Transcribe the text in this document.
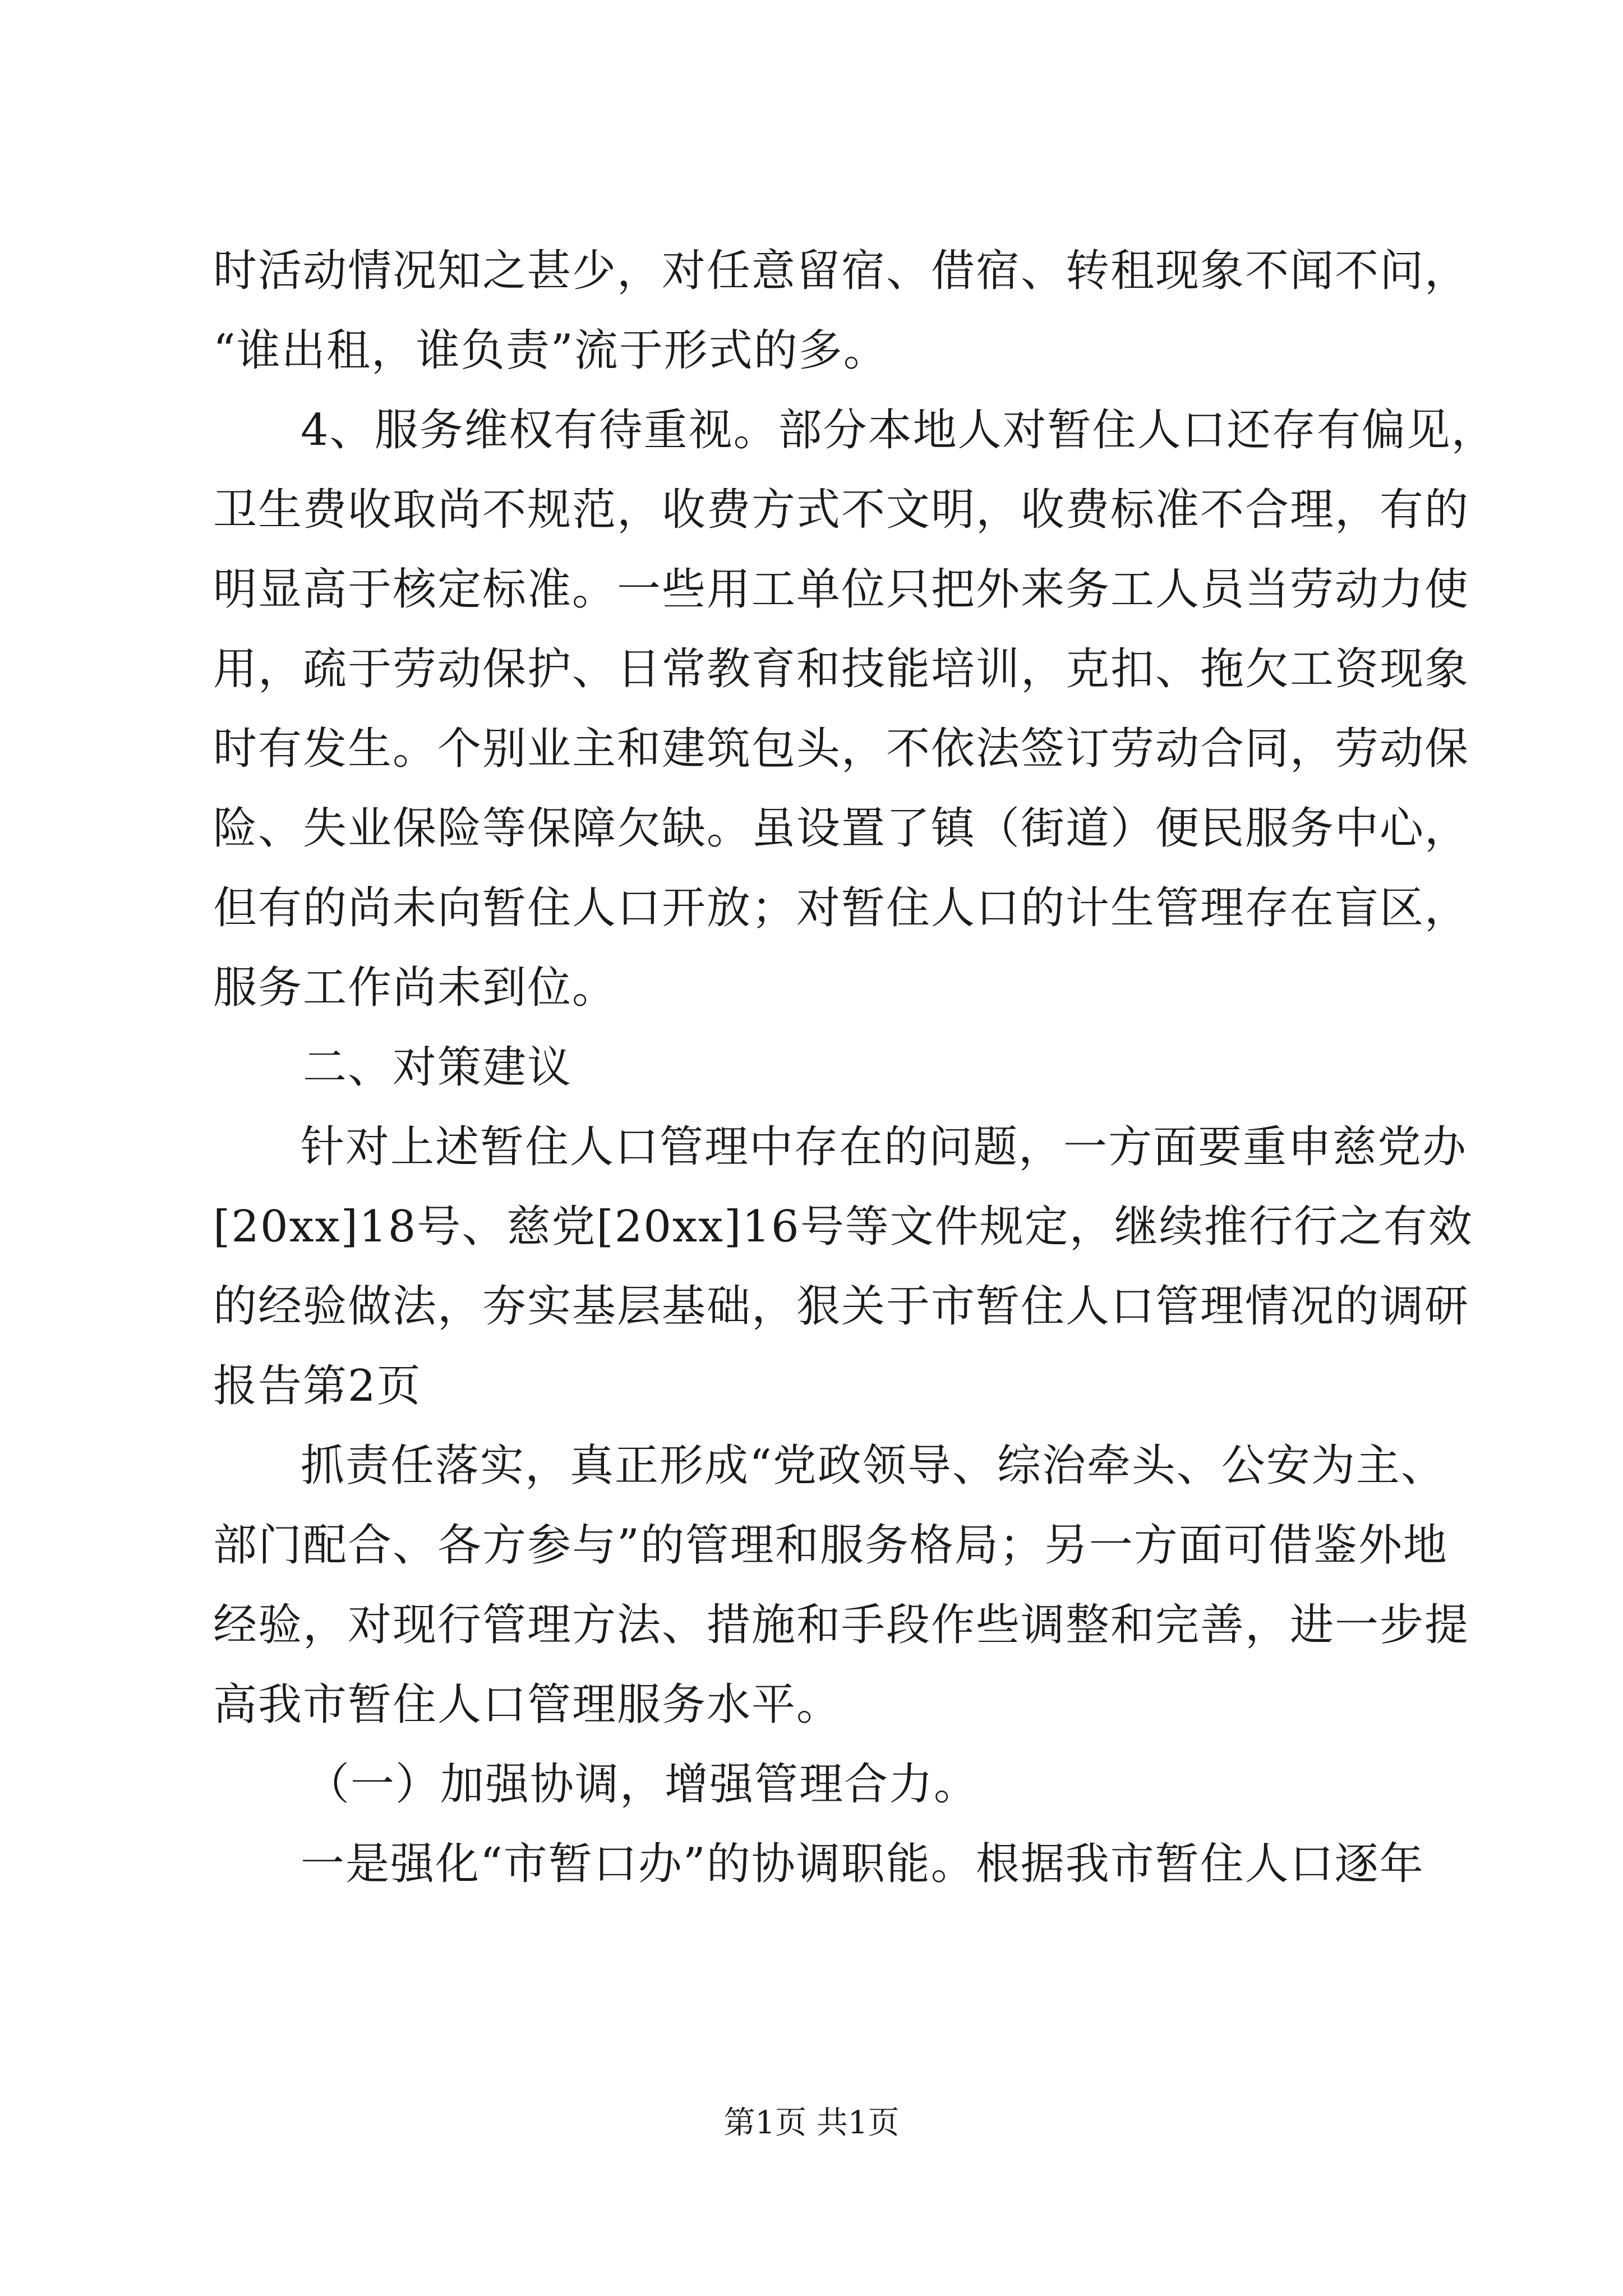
时活动情况知之甚少，对任意留宿、借宿、转租现象不闻不问，
“谁出租，谁负责”流于形式的多。
4、服务维权有待重视。部分本地人对暂住人口还存有偏见，
卫生费收取尚不规范，收费方式不文明，收费标准不合理，有的
明显高于核定标准。一些用工单位只把外来务工人员当劳动力使
用，疏于劳动保护、日常教育和技能培训，克扣、拖欠工资现象
时有发生。个别业主和建筑包头，不依法签订劳动合同，劳动保
险、失业保险等保障欠缺。虽设置了镇（街道）便民服务中心，
但有的尚未向暂住人口开放；对暂住人口的计生管理存在盲区，
服务工作尚未到位。
二、对策建议
针对上述暂住人口管理中存在的问题，一方面要重申慈党办
[20xx]18号、慈党[20xx]16号等文件规定，继续推行行之有效
的经验做法，夯实基层基础，狠关于市暂住人口管理情况的调研
报告第2页
抓责任落实，真正形成“党政领导、综治牵头、公安为主、
部门配合、各方参与”的管理和服务格局；另一方面可借鉴外地
经验，对现行管理方法、措施和手段作些调整和完善，进一步提
高我市暂住人口管理服务水平。
（一）加强协调，增强管理合力。
一是强化“市暂口办”的协调职能。根据我市暂住人口逐年
第1页 共1页
